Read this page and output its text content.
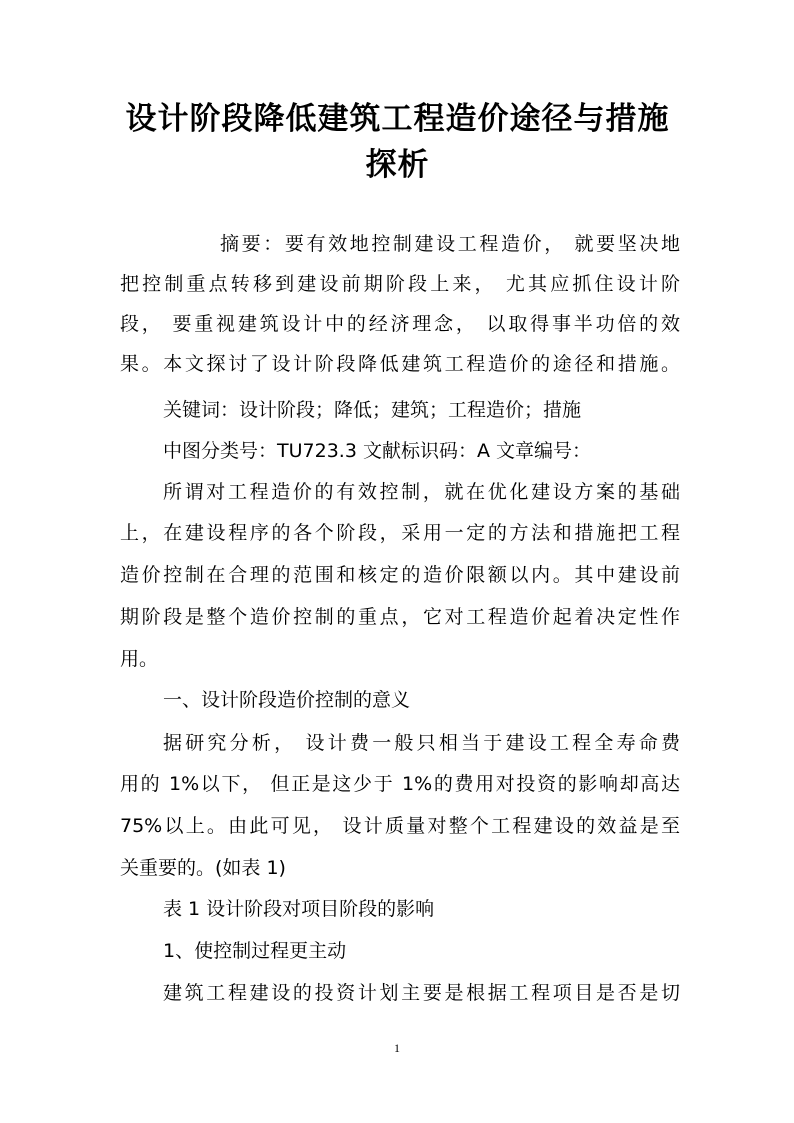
设计阶段降低建筑工程造价途径与措施探析

摘要：要有效地控制建设工程造价， 就要坚决地

把控制重点转移到建设前期阶段上来， 尤其应抓住设计阶

段， 要重视建筑设计中的经济理念， 以取得事半功倍的效

果。本文探讨了设计阶段降低建筑工程造价的途径和措施。

关键词：设计阶段；降低；建筑；工程造价；措施

中图分类号：TU723.3 文献标识码：A 文章编号：

所谓对工程造价的有效控制，就在优化建设方案的基础

上，在建设程序的各个阶段，采用一定的方法和措施把工程

造价控制在合理的范围和核定的造价限额以内。其中建设前

期阶段是整个造价控制的重点，它对工程造价起着决定性作

用。

一、设计阶段造价控制的意义

据研究分析， 设计费一般只相当于建设工程全寿命费

用的 1%以下， 但正是这少于 1%的费用对投资的影响却高达

75%以上。由此可见， 设计质量对整个工程建设的效益是至

关重要的。(如表 1)

表 1 设计阶段对项目阶段的影响

1、使控制过程更主动

建筑工程建设的投资计划主要是根据工程项目是否是切

1
